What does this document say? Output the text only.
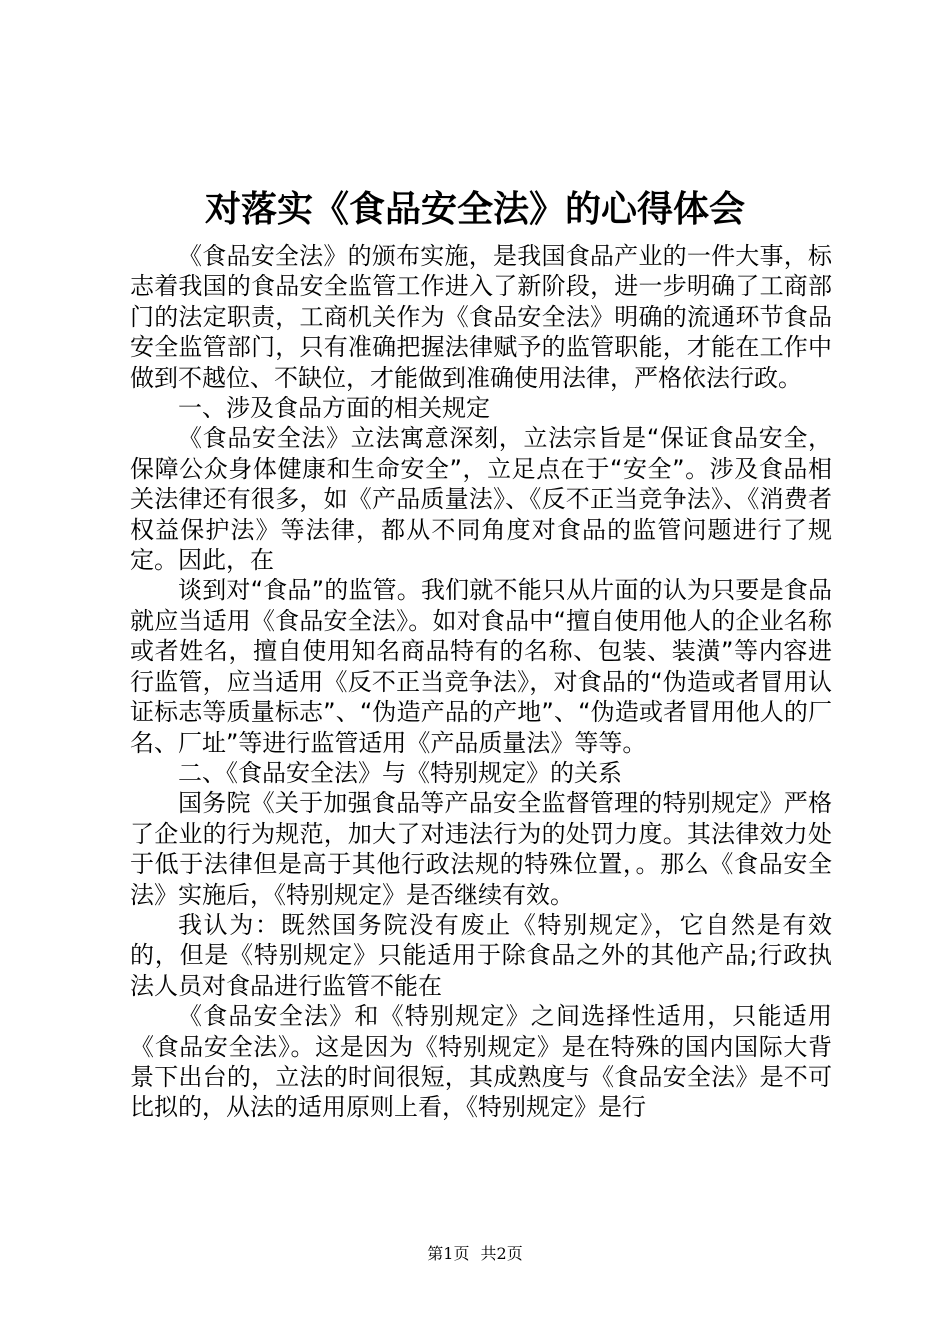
对落实《食品安全法》的心得体会

《食品安全法》的颁布实施，是我国食品产业的一件大事，标志着我国的食品安全监管工作进入了新阶段，进一步明确了工商部门的法定职责，工商机关作为《食品安全法》明确的流通环节食品安全监管部门，只有准确把握法律赋予的监管职能，才能在工作中做到不越位、不缺位，才能做到准确使用法律，严格依法行政。

一、涉及食品方面的相关规定

《食品安全法》立法寓意深刻，立法宗旨是“保证食品安全，保障公众身体健康和生命安全”，立足点在于“安全”。涉及食品相关法律还有很多，如《产品质量法》、《反不正当竞争法》、《消费者权益保护法》等法律，都从不同角度对食品的监管问题进行了规定。因此，在

谈到对“食品”的监管。我们就不能只从片面的认为只要是食品就应当适用《食品安全法》。如对食品中“擅自使用他人的企业名称或者姓名，擅自使用知名商品特有的名称、包装、装潢”等内容进行监管，应当适用《反不正当竞争法》，对食品的“伪造或者冒用认证标志等质量标志”、“伪造产品的产地”、“伪造或者冒用他人的厂名、厂址”等进行监管适用《产品质量法》等等。

二、《食品安全法》与《特别规定》的关系

国务院《关于加强食品等产品安全监督管理的特别规定》严格了企业的行为规范，加大了对违法行为的处罚力度。其法律效力处于低于法律但是高于其他行政法规的特殊位置，。那么《食品安全法》实施后，《特别规定》是否继续有效。

我认为：既然国务院没有废止《特别规定》，它自然是有效的，但是《特别规定》只能适用于除食品之外的其他产品;行政执法人员对食品进行监管不能在

《食品安全法》和《特别规定》之间选择性适用，只能适用《食品安全法》。这是因为《特别规定》是在特殊的国内国际大背景下出台的，立法的时间很短，其成熟度与《食品安全法》是不可比拟的，从法的适用原则上看，《特别规定》是行

第1页 共2页
